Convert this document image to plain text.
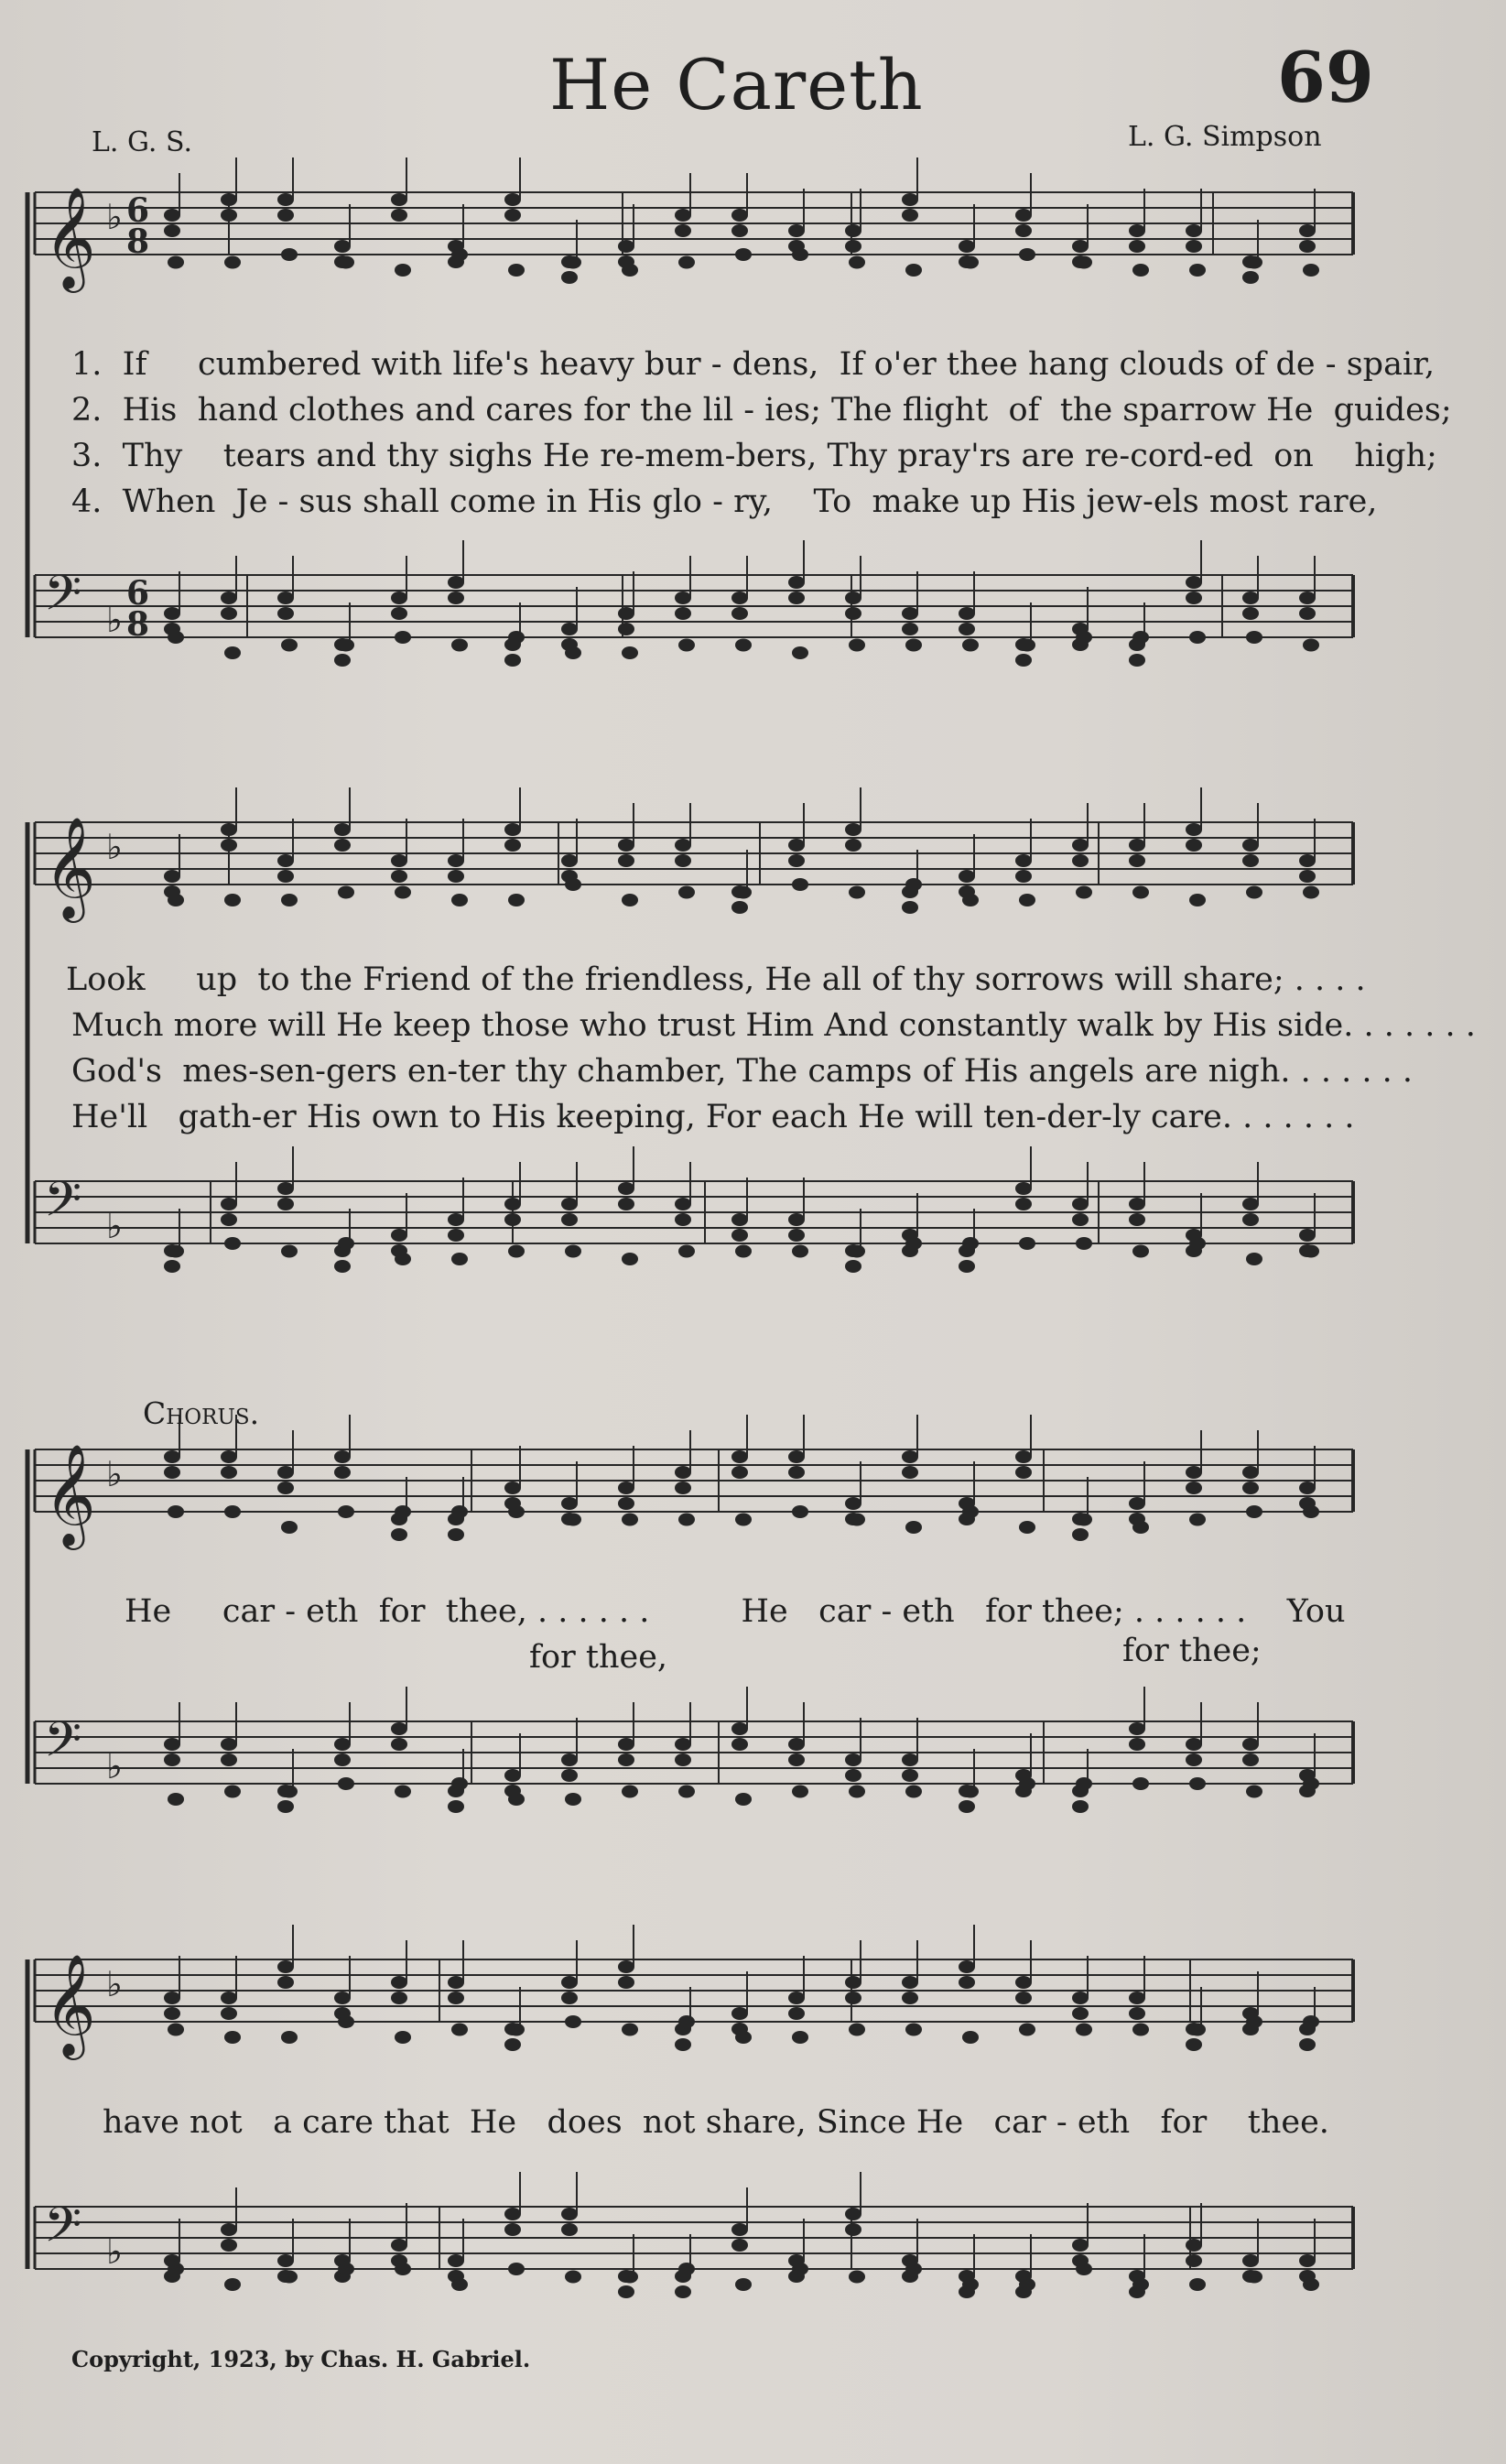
He Careth	69
L. G. S.	L. G. Simpson
𝄞 ♭ 6
8
𝄢 ♭
6
8
𝄞 ♭
𝄢 ♭
𝄞 ♭
𝄢 ♭
𝄞 ♭
𝄢 ♭
1.  If     cumbered with life's heavy bur - dens,  If o'er thee hang clouds of de - spair,
2.  His  hand clothes and cares for the lil - ies; The flight  of  the sparrow He  guides;
3.  Thy    tears and thy sighs He re-mem-bers, Thy pray'rs are re-cord-ed  on    high;
4.  When  Je - sus shall come in His glo - ry,    To  make up His jew-els most rare,
Look     up  to the Friend of the friendless, He all of thy sorrows will share; . . . .
Much more will He keep those who trust Him And constantly walk by His side. . . . . . .
God's  mes-sen-gers en-ter thy chamber, The camps of His angels are nigh. . . . . . .
He'll   gath-er His own to His keeping, For each He will ten-der-ly care. . . . . . .
Chorus.
He     car - eth  for  thee, . . . . . .         He   car - eth   for thee; . . . . . .    You
for thee,	for thee;
have not   a care that  He   does  not share, Since He   car - eth   for    thee.
Copyright, 1923, by Chas. H. Gabriel.
